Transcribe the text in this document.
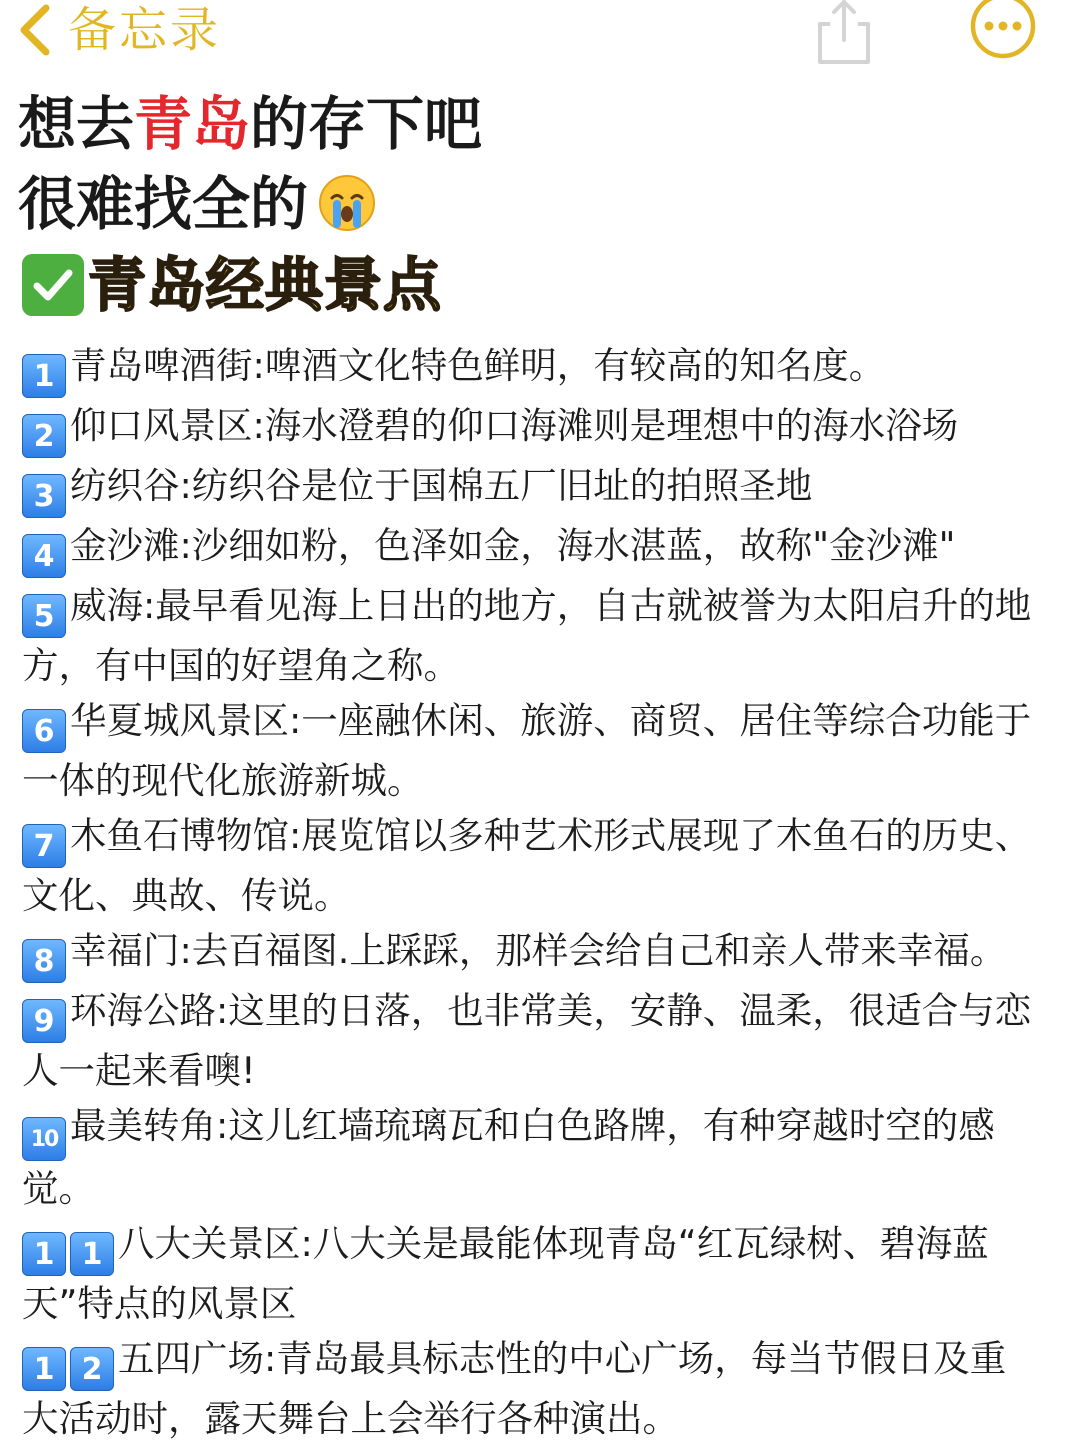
备忘录
想去青岛的存下吧
很难找全的
青岛经典景点
1 青岛啤酒街:啤酒文化特色鲜明，有较高的知名度。
2 仰口风景区:海水澄碧的仰口海滩则是理想中的海水浴场
3 纺织谷:纺织谷是位于国棉五厂旧址的拍照圣地
4 金沙滩:沙细如粉，色泽如金，海水湛蓝，故称"金沙滩"
5 威海:最早看见海上日出的地方，自古就被誉为太阳启升的地方，有中国的好望角之称。
6 华夏城风景区:一座融休闲、旅游、商贸、居住等综合功能于一体的现代化旅游新城。
7 木鱼石博物馆:展览馆以多种艺术形式展现了木鱼石的历史、文化、典故、传说。
8 幸福门:去百福图.上踩踩，那样会给自己和亲人带来幸福。
9 环海公路:这里的日落，也非常美，安静、温柔，很适合与恋人一起来看噢!
10 最美转角:这儿红墙琉璃瓦和白色路牌，有种穿越时空的感觉。
1 1 八大关景区:八大关是最能体现青岛“红瓦绿树、碧海蓝天”特点的风景区
1 2 五四广场:青岛最具标志性的中心广场，每当节假日及重大活动时，露天舞台上会举行各种演出。
